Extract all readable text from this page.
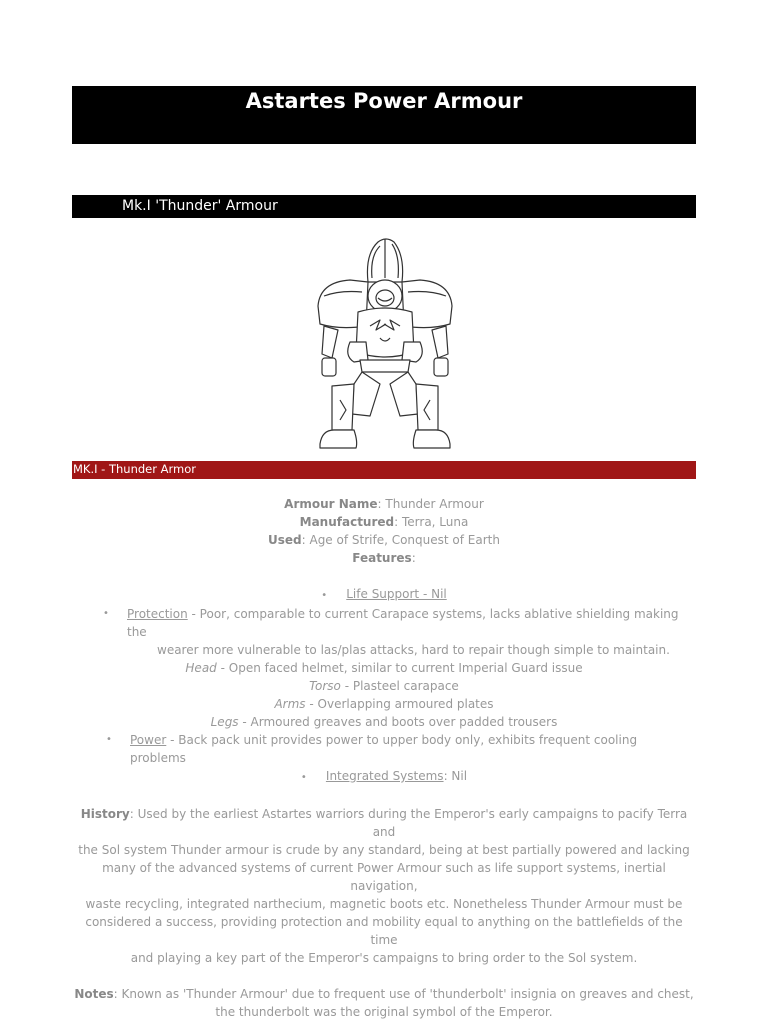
Astartes Power Armour
Mk.I 'Thunder' Armour
MK.I - Thunder Armor

Armour Name: Thunder Armour

Manufactured: Terra, Luna

Used: Age of Strife, Conquest of Earth

Features:

• Life Support - Nil

• Protection - Poor, comparable to current Carapace systems, lacks ablative shielding making the
wearer more vulnerable to las/plas attacks, hard to repair though simple to maintain.

Head - Open faced helmet, similar to current Imperial Guard issue

Torso - Plasteel carapace

Arms - Overlapping armoured plates

Legs - Armoured greaves and boots over padded trousers

• Power - Back pack unit provides power to upper body only, exhibits frequent cooling problems

• Integrated Systems: Nil

History: Used by the earliest Astartes warriors during the Emperor's early campaigns to pacify Terra and
the Sol system Thunder armour is crude by any standard, being at best partially powered and lacking
many of the advanced systems of current Power Armour such as life support systems, inertial navigation,
waste recycling, integrated narthecium, magnetic boots etc. Nonetheless Thunder Armour must be
considered a success, providing protection and mobility equal to anything on the battlefields of the time
and playing a key part of the Emperor's campaigns to bring order to the Sol system.

Notes: Known as 'Thunder Armour' due to frequent use of 'thunderbolt' insignia on greaves and chest,
the thunderbolt was the original symbol of the Emperor.
